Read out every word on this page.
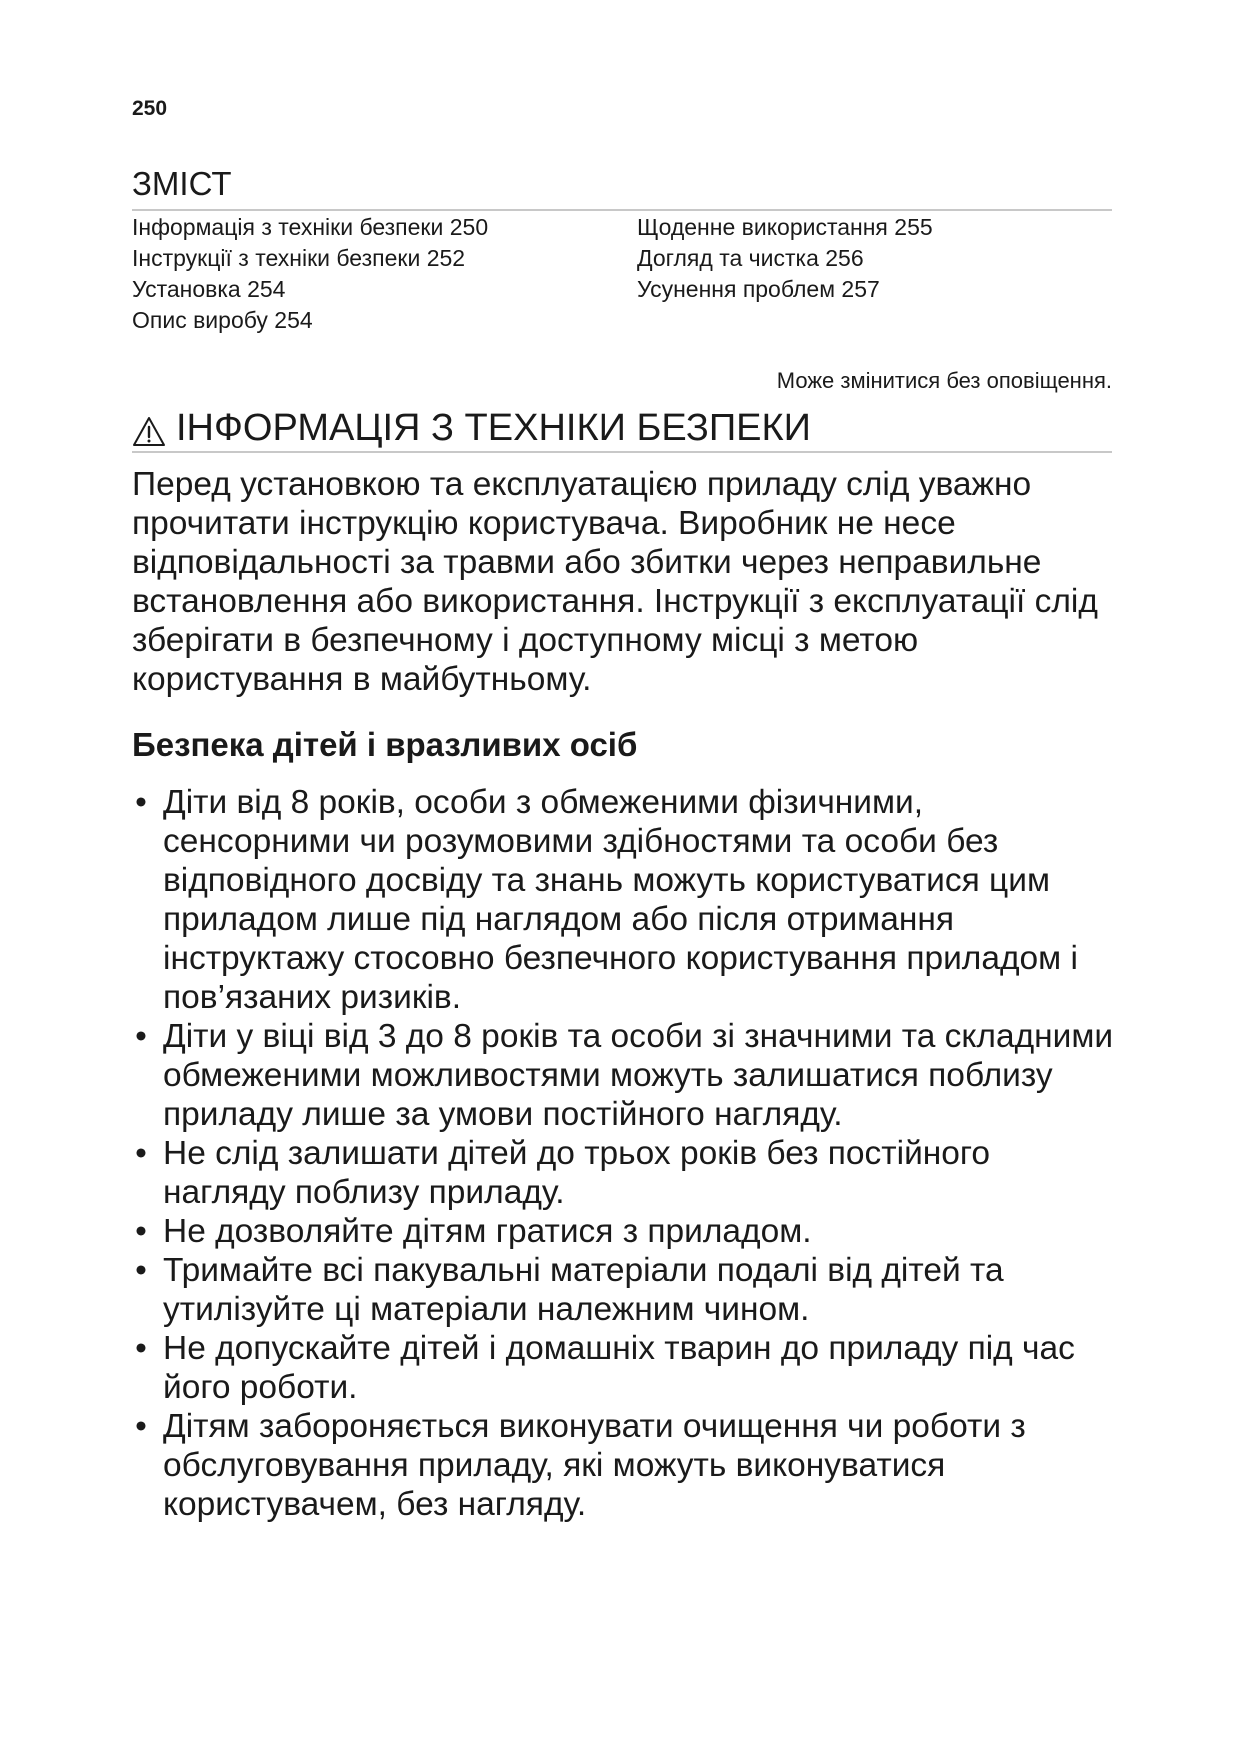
250
ЗМІСТ
Інформація з техніки безпеки 250
Інструкції з техніки безпеки 252
Установка 254
Опис виробу 254
Щоденне використання 255
Догляд та чистка 256
Усунення проблем 257
Може змінитися без оповіщення.
ІНФОРМАЦІЯ З ТЕХНІКИ БЕЗПЕКИ
Перед установкою та експлуатацією приладу слід уважно прочитати інструкцію користувача. Виробник не несе відповідальності за травми або збитки через неправильне встановлення або використання. Інструкції з експлуатації слід зберігати в безпечному і доступному місці з метою користування в майбутньому.
Безпека дітей і вразливих осіб
• Діти від 8 років, особи з обмеженими фізичними, сенсорними чи розумовими здібностями та особи без відповідного досвіду та знань можуть користуватися цим приладом лише під наглядом або після отримання інструктажу стосовно безпечного користування приладом і пов’язаних ризиків.
• Діти у віці від 3 до 8 років та особи зі значними та складними обмеженими можливостями можуть залишатися поблизу приладу лише за умови постійного нагляду.
• Не слід залишати дітей до трьох років без постійного нагляду поблизу приладу.
• Не дозволяйте дітям гратися з приладом.
• Тримайте всі пакувальні матеріали подалі від дітей та утилізуйте ці матеріали належним чином.
• Не допускайте дітей і домашніх тварин до приладу під час його роботи.
• Дітям забороняється виконувати очищення чи роботи з обслуговування приладу, які можуть виконуватися користувачем, без нагляду.
